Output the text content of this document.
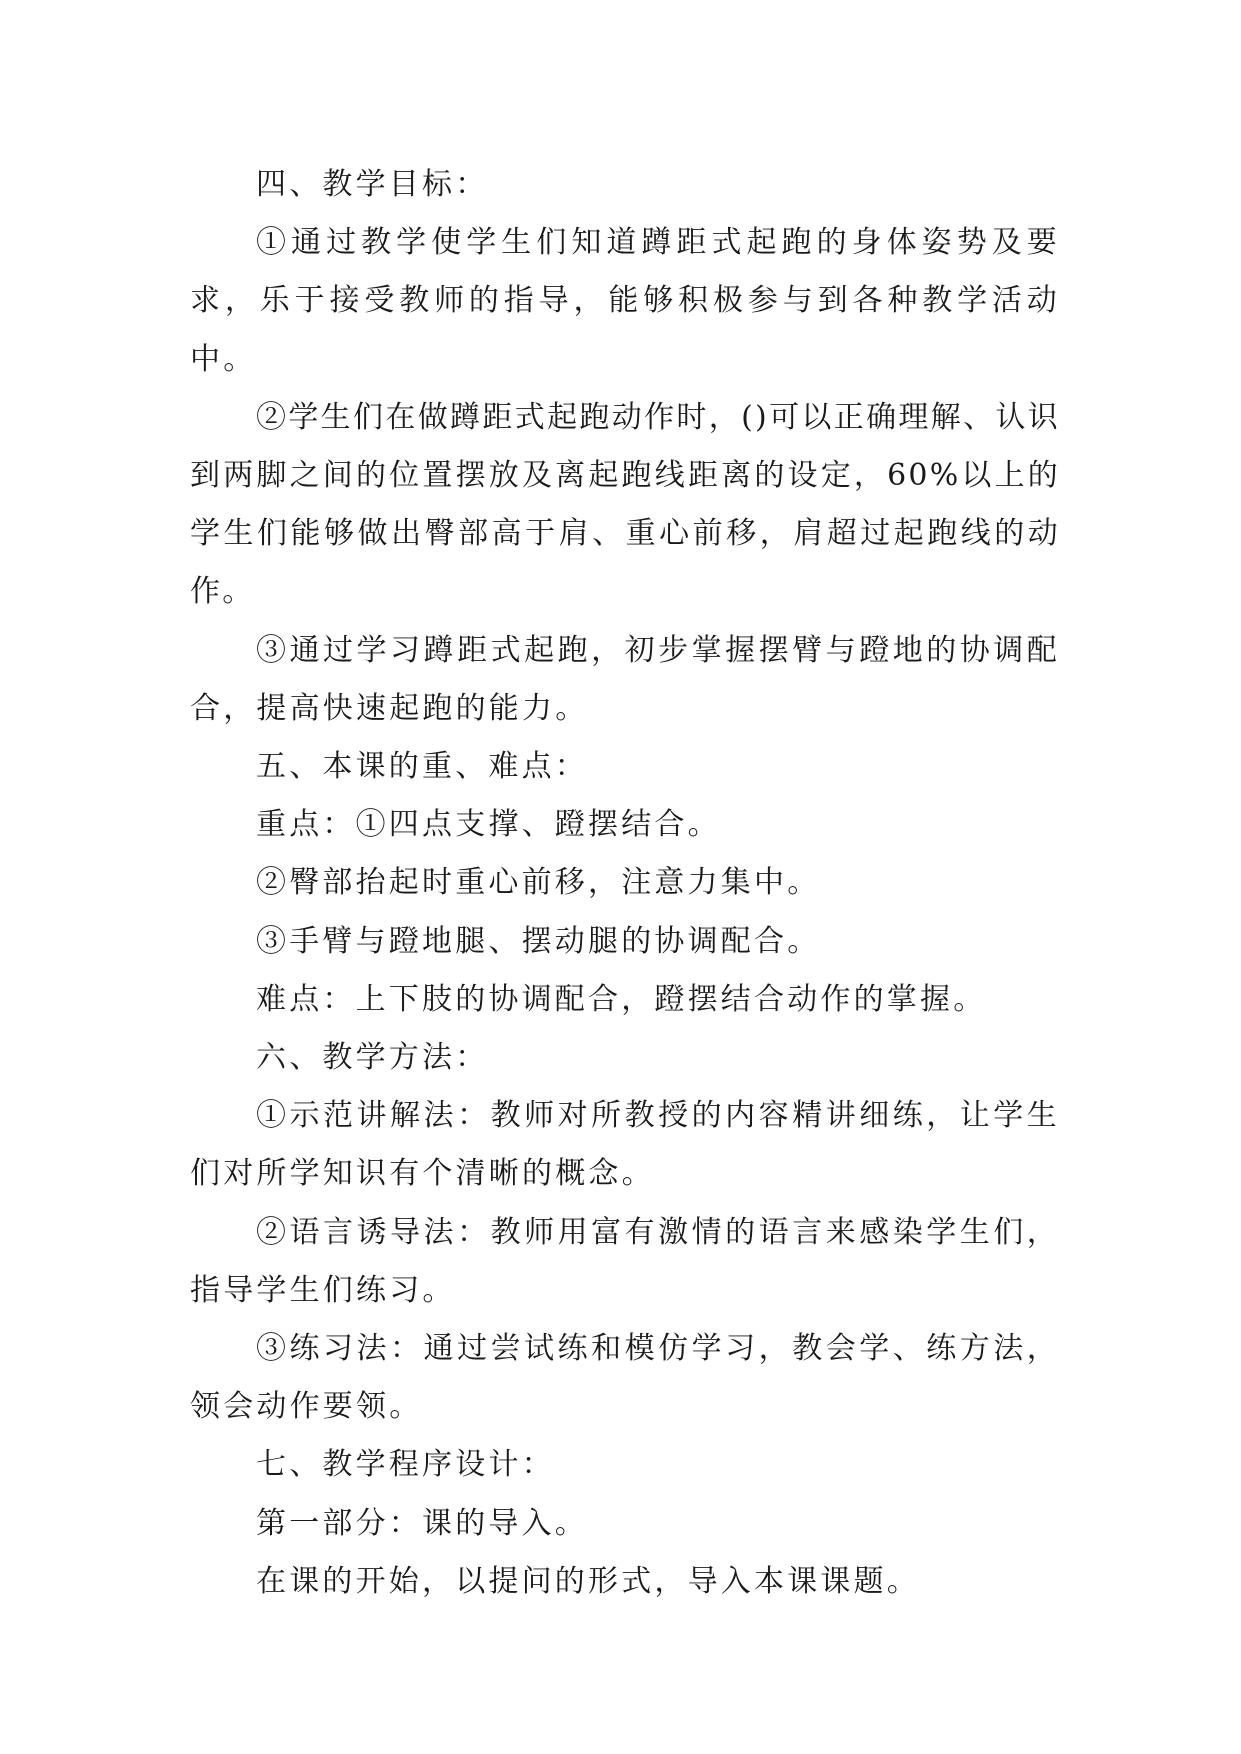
四、教学目标：

①通过教学使学生们知道蹲距式起跑的身体姿势及要求，乐于接受教师的指导，能够积极参与到各种教学活动中。

②学生们在做蹲距式起跑动作时，()可以正确理解、认识到两脚之间的位置摆放及离起跑线距离的设定，60%以上的学生们能够做出臀部高于肩、重心前移，肩超过起跑线的动作。

③通过学习蹲距式起跑，初步掌握摆臂与蹬地的协调配合，提高快速起跑的能力。

五、本课的重、难点：

重点：①四点支撑、蹬摆结合。

②臀部抬起时重心前移，注意力集中。

③手臂与蹬地腿、摆动腿的协调配合。

难点：上下肢的协调配合，蹬摆结合动作的掌握。

六、教学方法：

①示范讲解法：教师对所教授的内容精讲细练，让学生们对所学知识有个清晰的概念。

②语言诱导法：教师用富有激情的语言来感染学生们，指导学生们练习。

③练习法：通过尝试练和模仿学习，教会学、练方法，领会动作要领。

七、教学程序设计：

第一部分：课的导入。

在课的开始，以提问的形式，导入本课课题。
